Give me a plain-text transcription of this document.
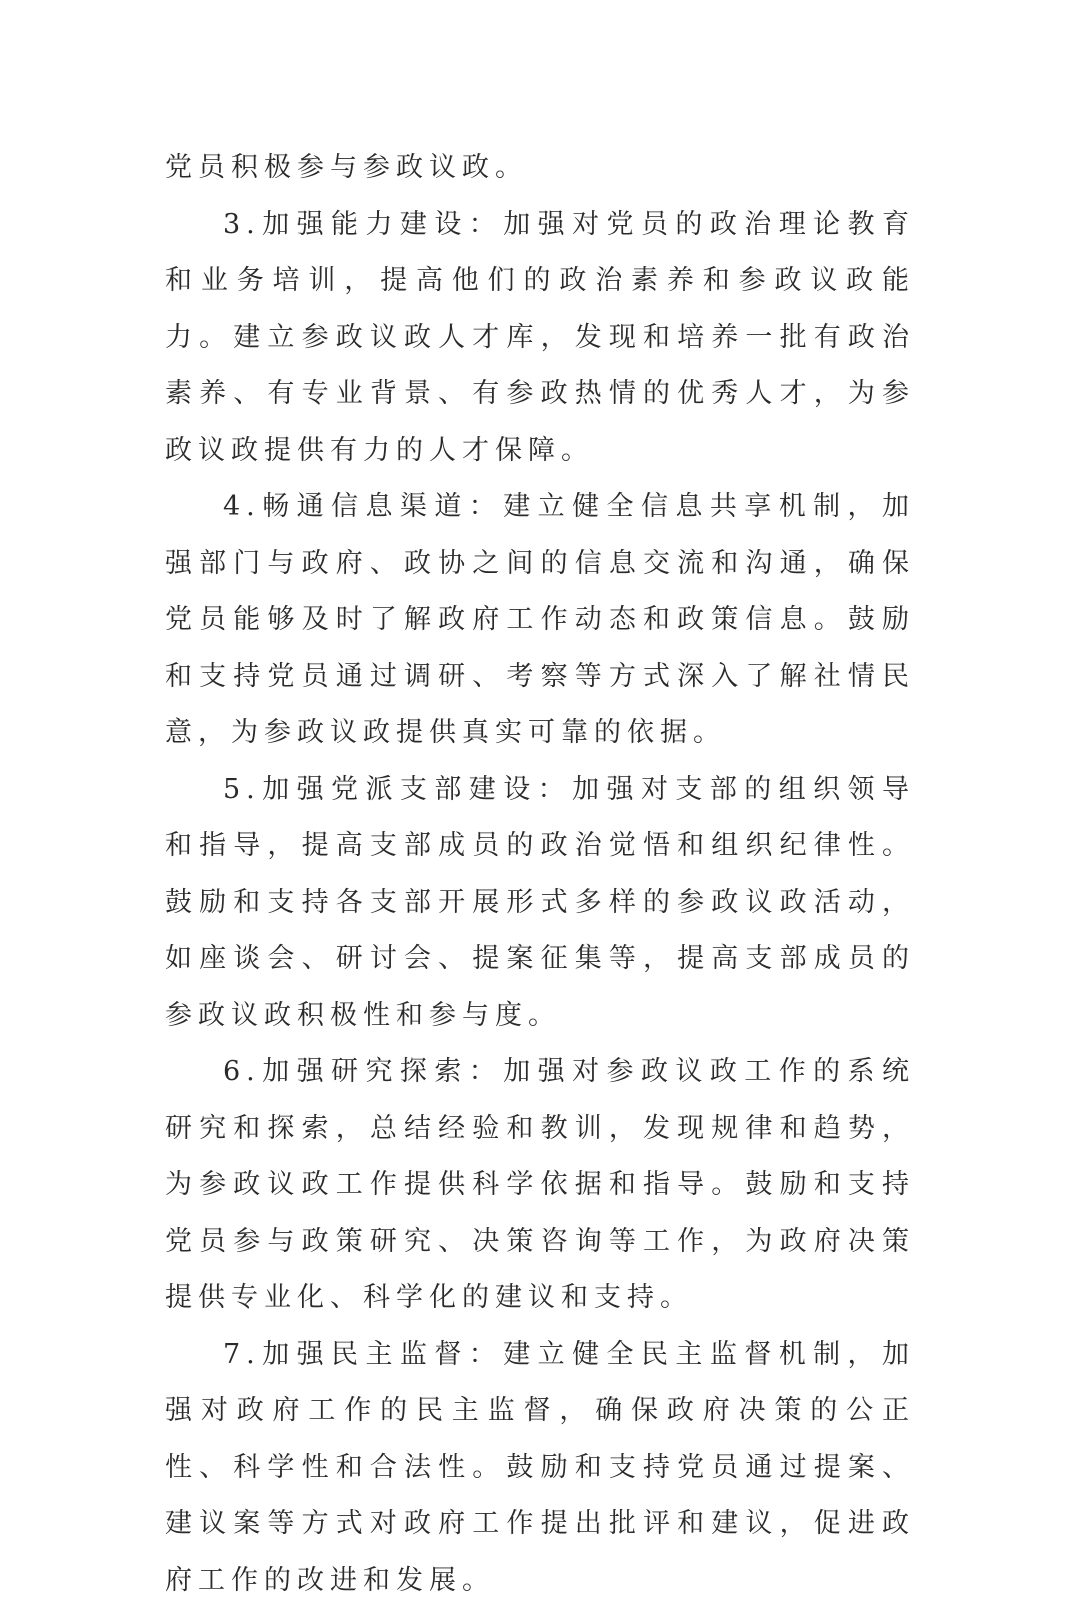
党员积极参与参政议政。

3.加强能力建设：加强对党员的政治理论教育和业务培训，提高他们的政治素养和参政议政能力。建立参政议政人才库，发现和培养一批有政治素养、有专业背景、有参政热情的优秀人才，为参政议政提供有力的人才保障。

4.畅通信息渠道：建立健全信息共享机制，加强部门与政府、政协之间的信息交流和沟通，确保党员能够及时了解政府工作动态和政策信息。鼓励和支持党员通过调研、考察等方式深入了解社情民意，为参政议政提供真实可靠的依据。

5.加强党派支部建设：加强对支部的组织领导和指导，提高支部成员的政治觉悟和组织纪律性。鼓励和支持各支部开展形式多样的参政议政活动，如座谈会、研讨会、提案征集等，提高支部成员的参政议政积极性和参与度。

6.加强研究探索：加强对参政议政工作的系统研究和探索，总结经验和教训，发现规律和趋势，为参政议政工作提供科学依据和指导。鼓励和支持党员参与政策研究、决策咨询等工作，为政府决策提供专业化、科学化的建议和支持。

7.加强民主监督：建立健全民主监督机制，加强对政府工作的民主监督，确保政府决策的公正性、科学性和合法性。鼓励和支持党员通过提案、建议案等方式对政府工作提出批评和建议，促进政府工作的改进和发展。
